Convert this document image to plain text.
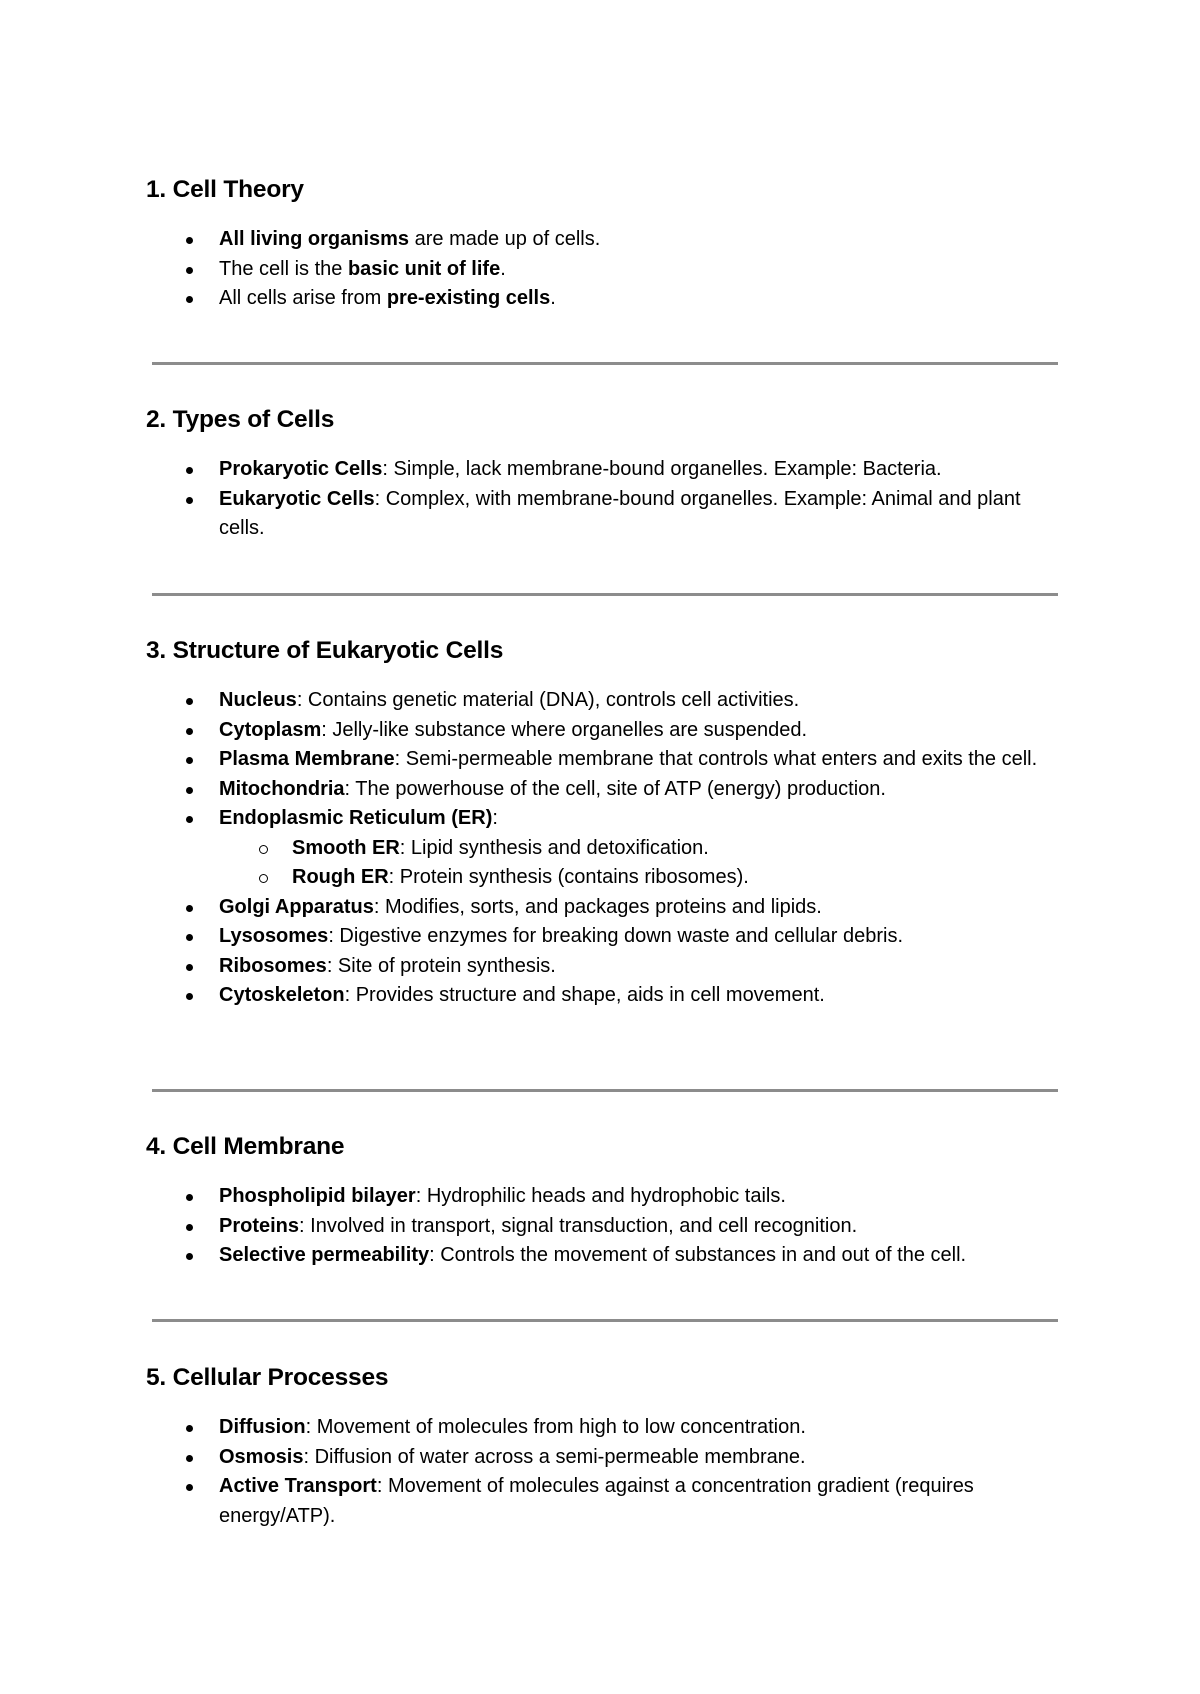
1. Cell Theory
All living organisms are made up of cells.
The cell is the basic unit of life.
All cells arise from pre-existing cells.
2. Types of Cells
Prokaryotic Cells: Simple, lack membrane-bound organelles. Example: Bacteria.
Eukaryotic Cells: Complex, with membrane-bound organelles. Example: Animal and plant cells.
3. Structure of Eukaryotic Cells
Nucleus: Contains genetic material (DNA), controls cell activities.
Cytoplasm: Jelly-like substance where organelles are suspended.
Plasma Membrane: Semi-permeable membrane that controls what enters and exits the cell.
Mitochondria: The powerhouse of the cell, site of ATP (energy) production.
Endoplasmic Reticulum (ER):
Smooth ER: Lipid synthesis and detoxification.
Rough ER: Protein synthesis (contains ribosomes).
Golgi Apparatus: Modifies, sorts, and packages proteins and lipids.
Lysosomes: Digestive enzymes for breaking down waste and cellular debris.
Ribosomes: Site of protein synthesis.
Cytoskeleton: Provides structure and shape, aids in cell movement.
4. Cell Membrane
Phospholipid bilayer: Hydrophilic heads and hydrophobic tails.
Proteins: Involved in transport, signal transduction, and cell recognition.
Selective permeability: Controls the movement of substances in and out of the cell.
5. Cellular Processes
Diffusion: Movement of molecules from high to low concentration.
Osmosis: Diffusion of water across a semi-permeable membrane.
Active Transport: Movement of molecules against a concentration gradient (requires energy/ATP).
